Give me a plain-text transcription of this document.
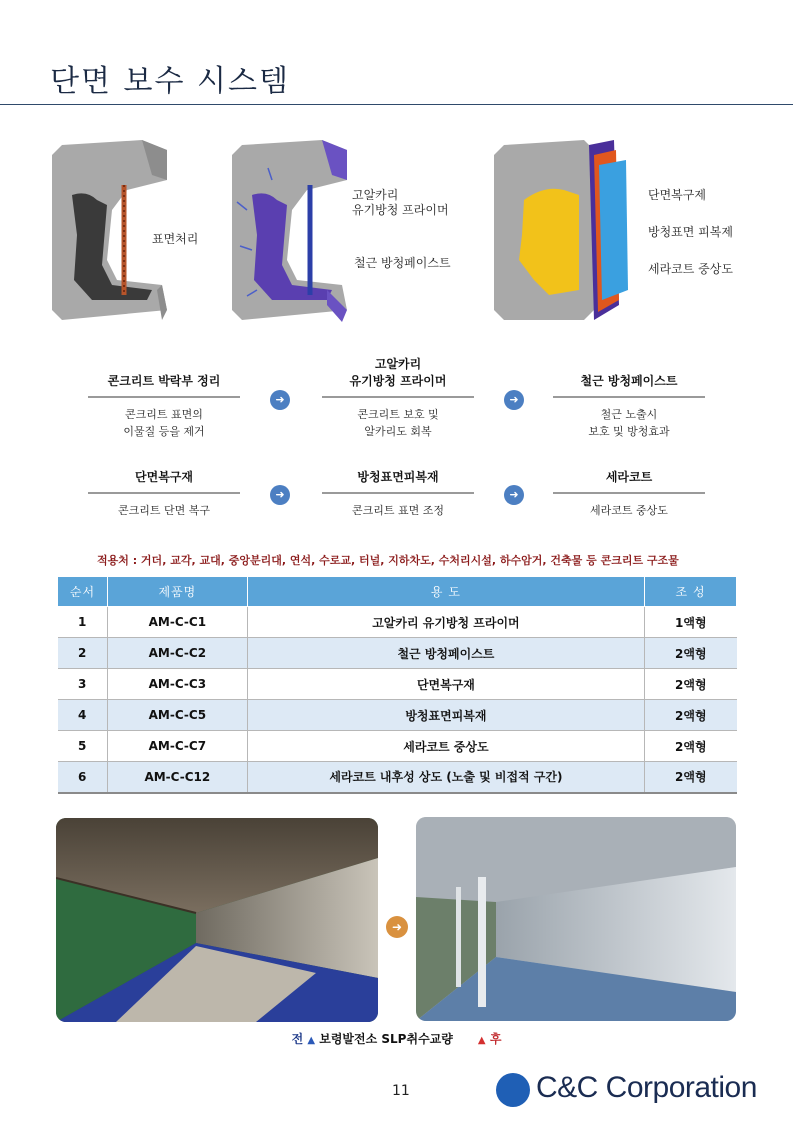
단면 보수 시스템
표면처리
고알카리
유기방청 프라이머
철근 방청페이스트
단면복구제
방청표면 피복제
세라코트 중상도
콘크리트 박락부 정리
콘크리트 표면의
이물질 등을 제거
➜
고알카리
유기방청 프라이머
콘크리트 보호 및
알카리도 회복
➜
철근 방청페이스트
철근 노출시
보호 및 방청효과
단면복구재
콘크리트 단면 복구
➜
방청표면피복재
콘크리트 표면 조정
➜
세라코트
세라코트 중상도
적용처 : 거더, 교각, 교대, 중앙분리대, 연석, 수로교, 터널, 지하차도, 수처리시설, 하수암거, 건축물 등 콘크리트 구조물
순서	제품명	용 도	조 성
1	AM-C-C1	고알카리 유기방청 프라이머	1액형
2	AM-C-C2	철근 방청페이스트	2액형
3	AM-C-C3	단면복구재	2액형
4	AM-C-C5	방청표면피복재	2액형
5	AM-C-C7	세라코트 중상도	2액형
6	AM-C-C12	세라코트 내후성 상도 (노출 및 비접적 구간)	2액형
➜
전 ▲ 보령발전소 SLP취수교량	▲ 후
11	C&C Corporation
